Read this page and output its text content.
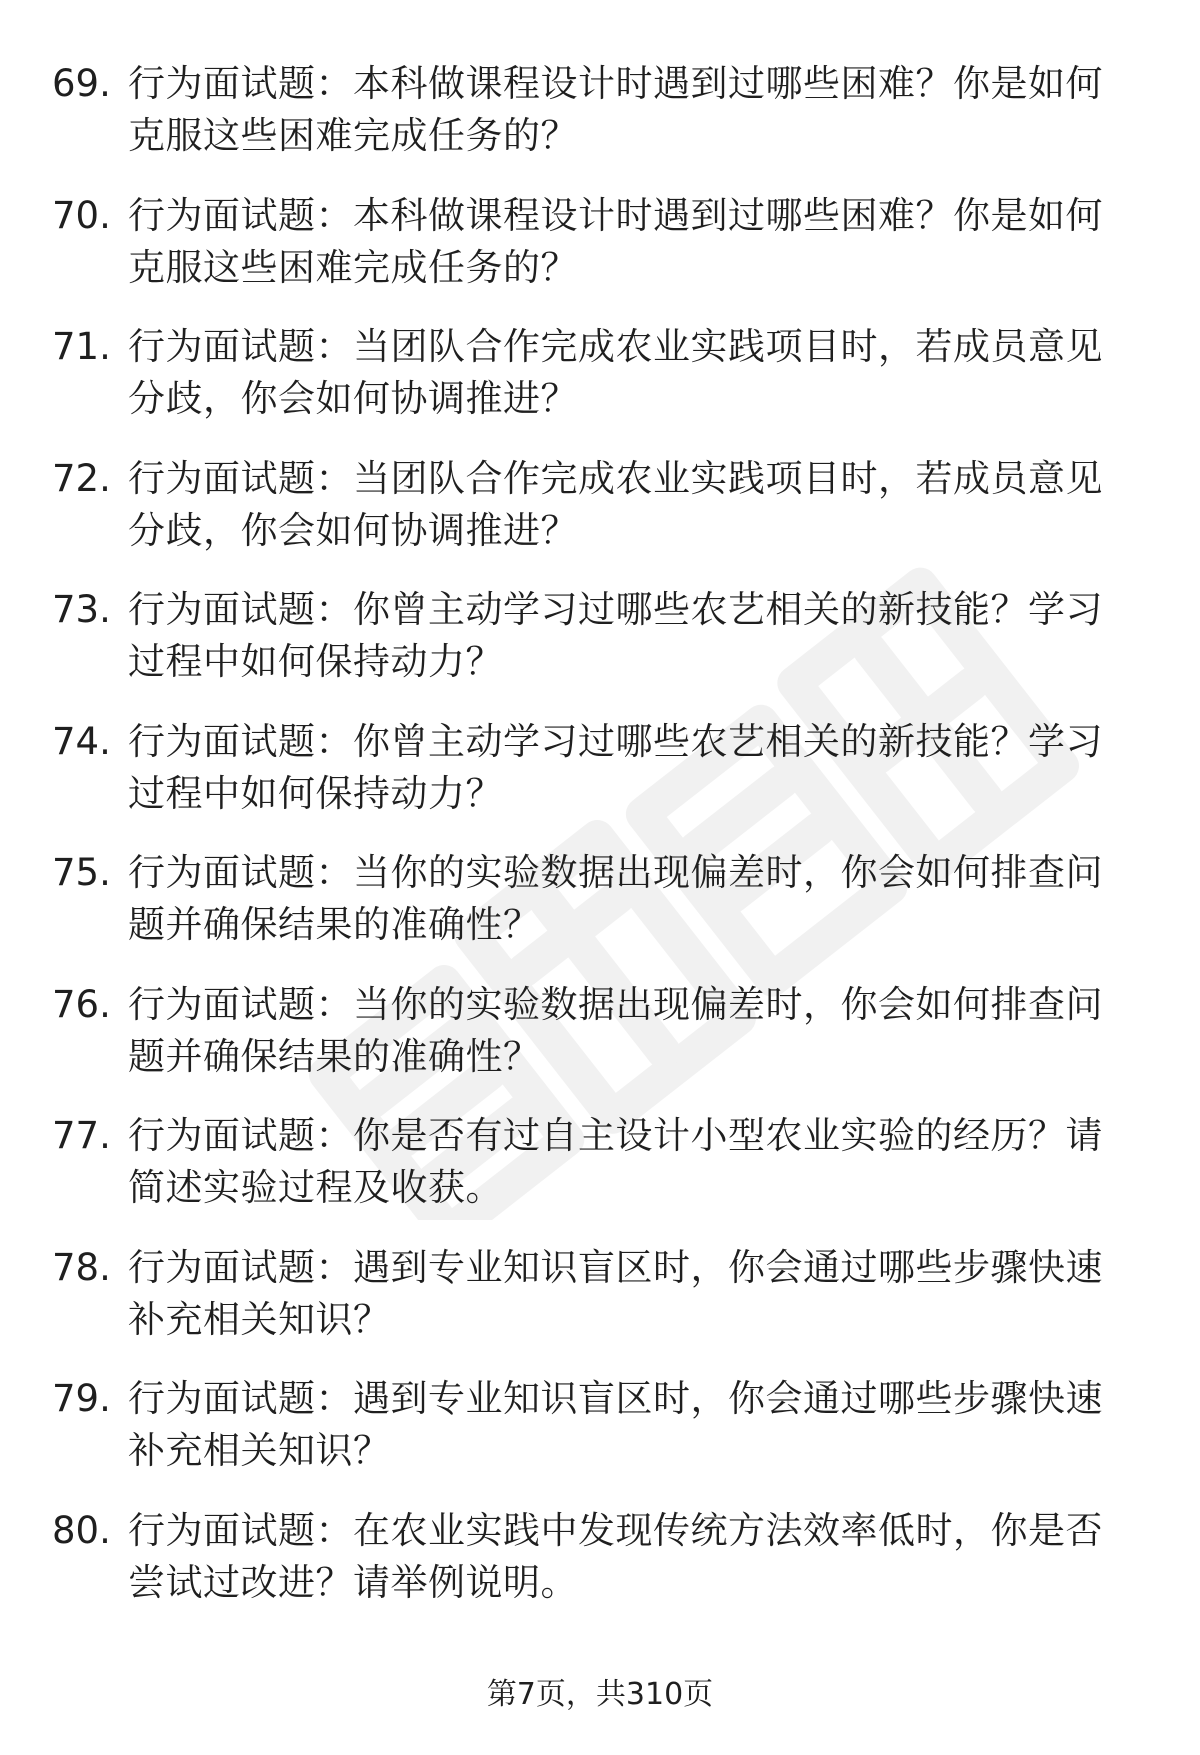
69. 行为面试题：本科做课程设计时遇到过哪些困难？你是如何克服这些困难完成任务的？
70. 行为面试题：本科做课程设计时遇到过哪些困难？你是如何克服这些困难完成任务的？
71. 行为面试题：当团队合作完成农业实践项目时，若成员意见分歧，你会如何协调推进？
72. 行为面试题：当团队合作完成农业实践项目时，若成员意见分歧，你会如何协调推进？
73. 行为面试题：你曾主动学习过哪些农艺相关的新技能？学习过程中如何保持动力？
74. 行为面试题：你曾主动学习过哪些农艺相关的新技能？学习过程中如何保持动力？
75. 行为面试题：当你的实验数据出现偏差时，你会如何排查问题并确保结果的准确性？
76. 行为面试题：当你的实验数据出现偏差时，你会如何排查问题并确保结果的准确性？
77. 行为面试题：你是否有过自主设计小型农业实验的经历？请简述实验过程及收获。
78. 行为面试题：遇到专业知识盲区时，你会通过哪些步骤快速补充相关知识？
79. 行为面试题：遇到专业知识盲区时，你会通过哪些步骤快速补充相关知识？
80. 行为面试题：在农业实践中发现传统方法效率低时，你是否尝试过改进？请举例说明。
第7页，共310页
